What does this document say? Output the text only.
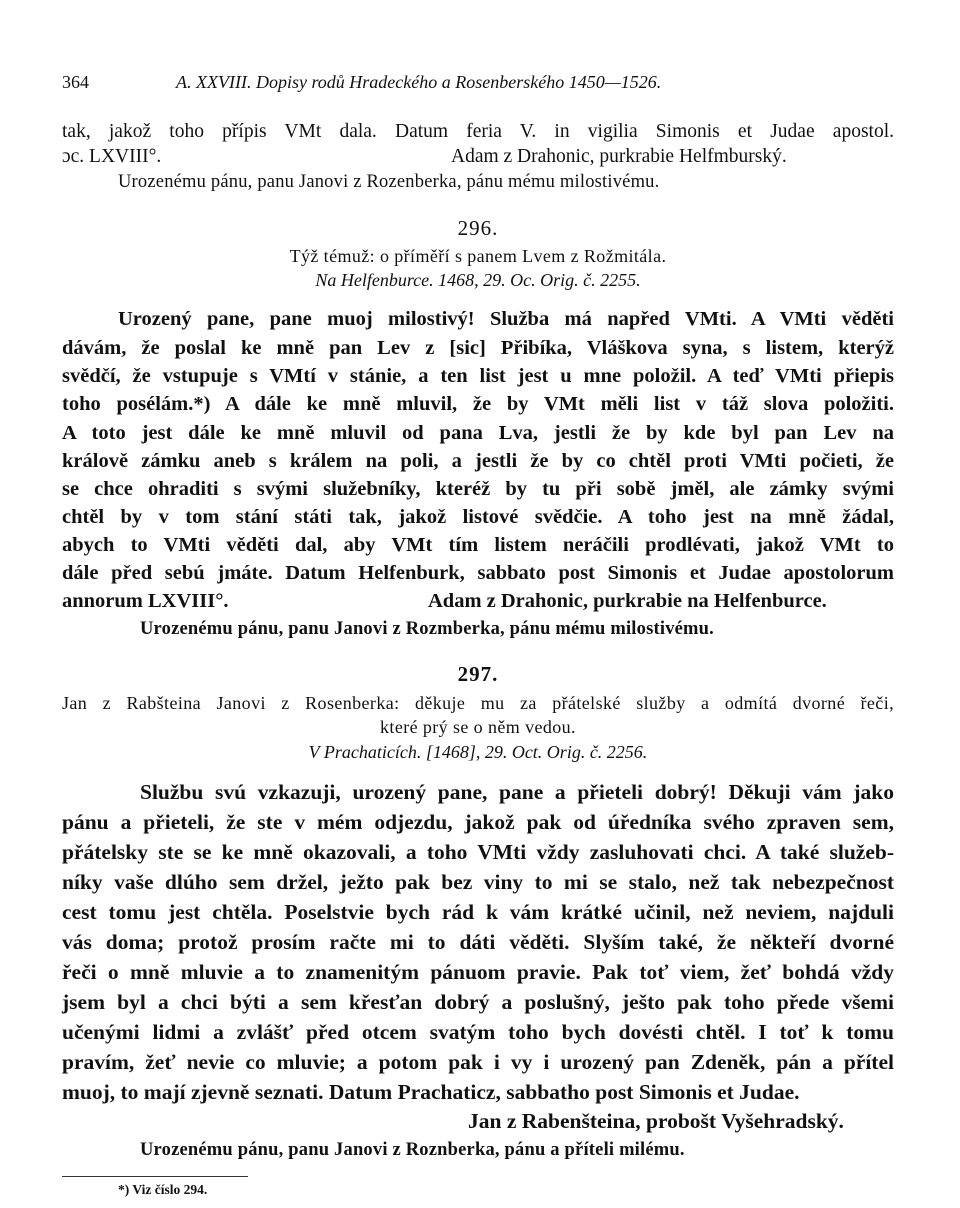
364	A. XXVIII. Dopisy rodů Hradeckého a Rosenberského 1450—1526.
tak, jakož toho přípis VMt dala. Datum feria V. in vigilia Simonis et Judae apostol.
ɔc. LXVIII°.	Adam z Drahonic, purkrabie Helfmburský.
Urozenému pánu, panu Janovi z Rozenberka, pánu mému milostivému.
296.
Týž témuž: o příměří s panem Lvem z Rožmitála.
Na Helfenburce. 1468, 29. Oc. Orig. č. 2255.
Urozený pane, pane muoj milostivý! Služba má napřed VMti. A VMti věděti
dávám, že poslal ke mně pan Lev z [sic] Přibíka, Vláškova syna, s listem, kterýž
svědčí, že vstupuje s VMtí v stánie, a ten list jest u mne položil. A teď VMti přiepis
toho posélám.*) A dále ke mně mluvil, že by VMt měli list v táž slova položiti.
A toto jest dále ke mně mluvil od pana Lva, jestli že by kde byl pan Lev na
králově zámku aneb s králem na poli, a jestli že by co chtěl proti VMti počieti, že
se chce ohraditi s svými služebníky, kteréž by tu při sobě jměl, ale zámky svými
chtěl by v tom stání státi tak, jakož listové svědčie. A toho jest na mně žádal,
abych to VMti věděti dal, aby VMt tím listem neráčili prodlévati, jakož VMt to
dále před sebú jmáte. Datum Helfenburk, sabbato post Simonis et Judae apostolorum
annorum LXVIII°.	Adam z Drahonic, purkrabie na Helfenburce.
Urozenému pánu, panu Janovi z Rozmberka, pánu mému milostivému.
297.
Jan z Rabšteina Janovi z Rosenberka: děkuje mu za přátelské služby a odmítá dvorné řeči,
které prý se o něm vedou.
V Prachaticích. [1468], 29. Oct. Orig. č. 2256.
Službu svú vzkazuji, urozený pane, pane a přieteli dobrý! Děkuji vám jako
pánu a přieteli, že ste v mém odjezdu, jakož pak od úředníka svého zpraven sem,
přátelsky ste se ke mně okazovali, a toho VMti vždy zasluhovati chci. A také služeb-
níky vaše dlúho sem držel, ježto pak bez viny to mi se stalo, než tak nebezpečnost
cest tomu jest chtěla. Poselstvie bych rád k vám krátké učinil, než neviem, najduli
vás doma; protož prosím račte mi to dáti věděti. Slyším také, že někteří dvorné
řeči o mně mluvie a to znamenitým pánuom pravie. Pak toť viem, žeť bohdá vždy
jsem byl a chci býti a sem křesťan dobrý a poslušný, ješto pak toho přede všemi
učenými lidmi a zvlášť před otcem svatým toho bych dovésti chtěl. I toť k tomu
pravím, žeť nevie co mluvie; a potom pak i vy i urozený pan Zdeněk, pán a přítel
muoj, to mají zjevně seznati. Datum Prachaticz, sabbatho post Simonis et Judae.
Jan z Rabenšteina, probošt Vyšehradský.
Urozenému pánu, panu Janovi z Roznberka, pánu a příteli milému.
*) Viz číslo 294.
